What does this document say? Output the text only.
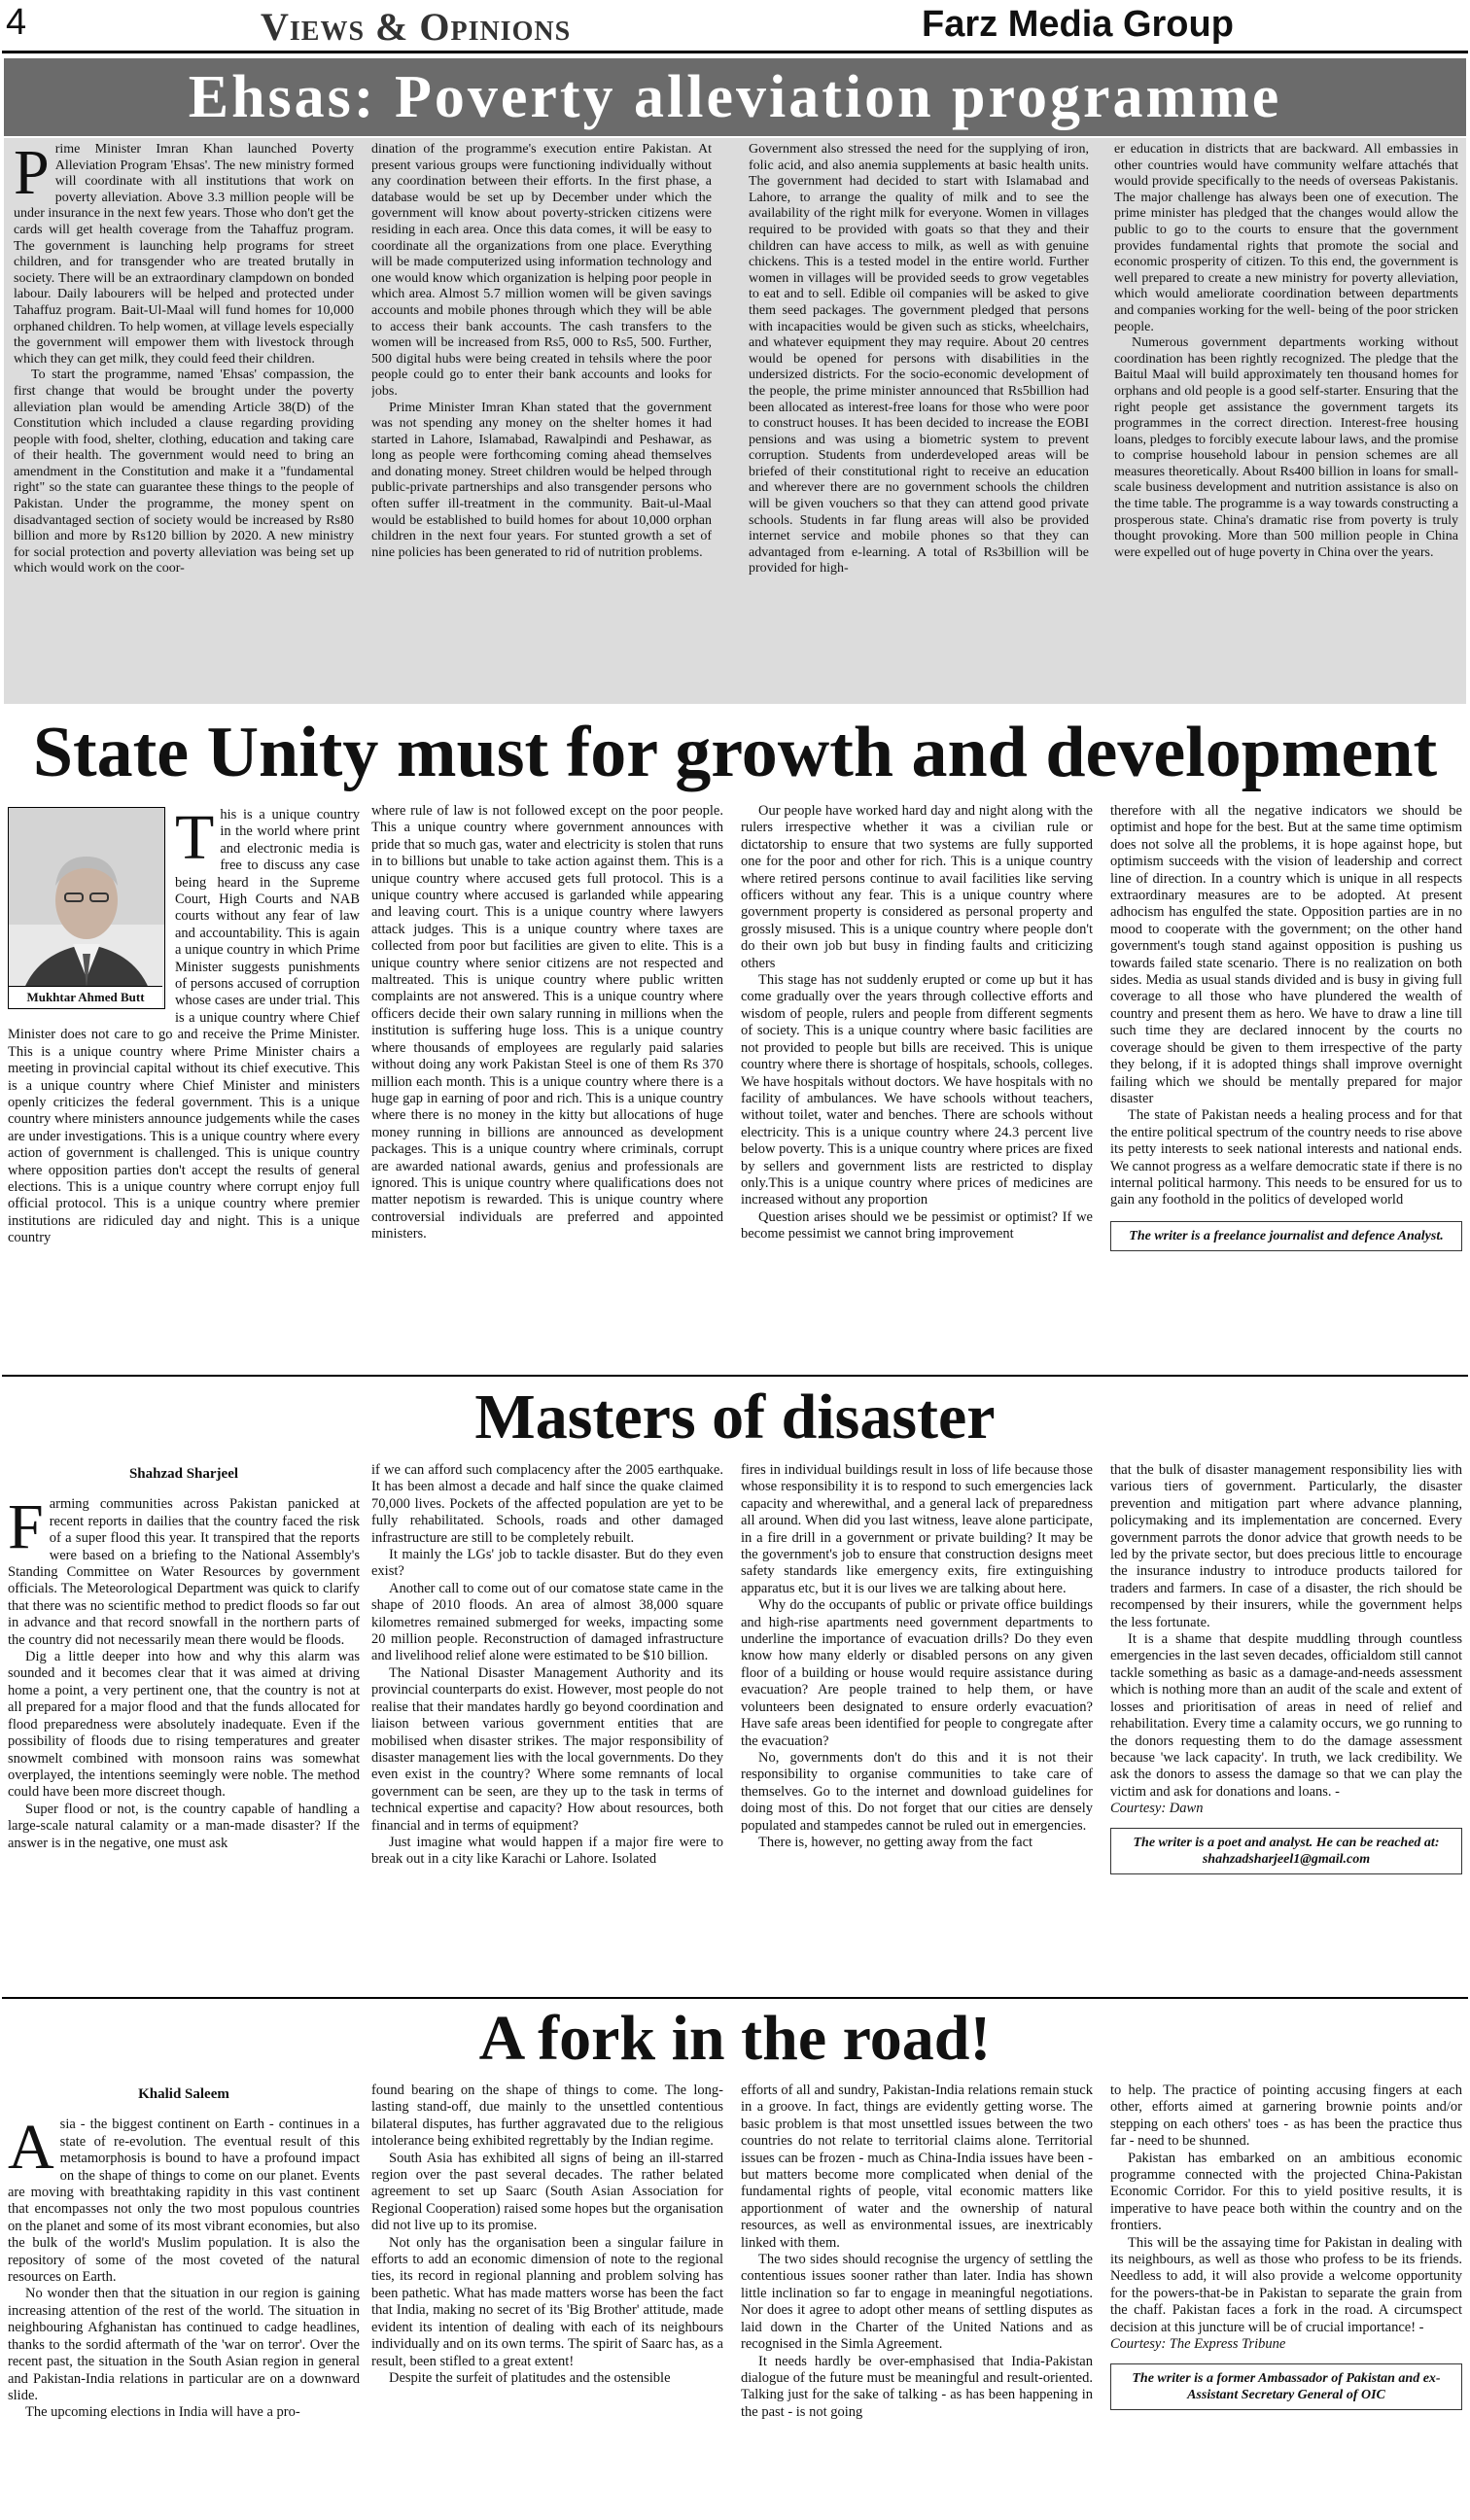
4	Views & Opinions	Farz Media Group
Ehsas: Poverty alleviation programme

Prime Minister Imran Khan launched Poverty Alleviation Program 'Ehsas'. The new ministry formed will coordinate with all institutions that work on poverty alleviation. Above 3.3 million people will be under insurance in the next few years. Those who don't get the cards will get health coverage from the Tahaffuz program. The government is launching help programs for street children, and for transgender who are treated brutally in society. There will be an extraordinary clampdown on bonded labour. Daily labourers will be helped and protected under Tahaffuz program. Bait-Ul-Maal will fund homes for 10,000 orphaned children. To help women, at village levels especially the government will empower them with livestock through which they can get milk, they could feed their children.

To start the programme, named 'Ehsas' compassion, the first change that would be brought under the poverty alleviation plan would be amending Article 38(D) of the Constitution which included a clause regarding providing people with food, shelter, clothing, education and taking care of their health. The government would need to bring an amendment in the Constitution and make it a "fundamental right" so the state can guarantee these things to the people of Pakistan. Under the programme, the money spent on disadvantaged section of society would be increased by Rs80 billion and more by Rs120 billion by 2020. A new ministry for social protection and poverty alleviation was being set up which would work on the coor-

dination of the programme's execution entire Pakistan. At present various groups were functioning individually without any coordination between their efforts. In the first phase, a database would be set up by December under which the government will know about poverty-stricken citizens were residing in each area. Once this data comes, it will be easy to coordinate all the organizations from one place. Everything will be made computerized using information technology and one would know which organization is helping poor people in which area. Almost 5.7 million women will be given savings accounts and mobile phones through which they will be able to access their bank accounts. The cash transfers to the women will be increased from Rs5, 000 to Rs5, 500. Further, 500 digital hubs were being created in tehsils where the poor people could go to enter their bank accounts and looks for jobs.

Prime Minister Imran Khan stated that the government was not spending any money on the shelter homes it had started in Lahore, Islamabad, Rawalpindi and Peshawar, as long as people were forthcoming coming ahead themselves and donating money. Street children would be helped through public-private partnerships and also transgender persons who often suffer ill-treatment in the community. Bait-ul-Maal would be established to build homes for about 10,000 orphan children in the next four years. For stunted growth a set of nine policies has been generated to rid of nutrition problems.

Government also stressed the need for the supplying of iron, folic acid, and also anemia supplements at basic health units. The government had decided to start with Islamabad and Lahore, to arrange the quality of milk and to see the availability of the right milk for everyone. Women in villages required to be provided with goats so that they and their children can have access to milk, as well as with genuine chickens. This is a tested model in the entire world. Further women in villages will be provided seeds to grow vegetables to eat and to sell. Edible oil companies will be asked to give them seed packages. The government pledged that persons with incapacities would be given such as sticks, wheelchairs, and whatever equipment they may require. About 20 centres would be opened for persons with disabilities in the undersized districts. For the socio-economic development of the people, the prime minister announced that Rs5billion had been allocated as interest-free loans for those who were poor to construct houses. It has been decided to increase the EOBI pensions and was using a biometric system to prevent corruption. Students from underdeveloped areas will be briefed of their constitutional right to receive an education and wherever there are no government schools the children will be given vouchers so that they can attend good private schools. Students in far flung areas will also be provided internet service and mobile phones so that they can advantaged from e-learning. A total of Rs3billion will be provided for high-

er education in districts that are backward. All embassies in other countries would have community welfare attachés that would provide specifically to the needs of overseas Pakistanis. The major challenge has always been one of execution. The prime minister has pledged that the changes would allow the public to go to the courts to ensure that the government provides fundamental rights that promote the social and economic prosperity of citizen. To this end, the government is well prepared to create a new ministry for poverty alleviation, which would ameliorate coordination between departments and companies working for the well- being of the poor stricken people.

Numerous government departments working without coordination has been rightly recognized. The pledge that the Baitul Maal will build approximately ten thousand homes for orphans and old people is a good self-starter. Ensuring that the right people get assistance the government targets its programmes in the correct direction. Interest-free housing loans, pledges to forcibly execute labour laws, and the promise to comprise household labour in pension schemes are all measures theoretically. About Rs400 billion in loans for small-scale business development and nutrition assistance is also on the time table. The programme is a way towards constructing a prosperous state. China's dramatic rise from poverty is truly thought provoking. More than 500 million people in China were expelled out of huge poverty in China over the years.

State Unity must for growth and development
Mukhtar Ahmed Butt

This is a unique country in the world where print and electronic media is free to discuss any case being heard in the Supreme Court, High Courts and NAB courts without any fear of law and accountability. This is again a unique country in which Prime Minister suggests punishments of persons accused of corruption whose cases are under trial. This is a unique country where Chief Minister does not care to go and receive the Prime Minister. This is a unique country where Prime Minister chairs a meeting in provincial capital without its chief executive. This is a unique country where Chief Minister and ministers openly criticizes the federal government. This is a unique country where ministers announce judgements while the cases are under investigations. This is a unique country where every action of government is challenged. This is unique country where opposition parties don't accept the results of general elections. This is a unique country where corrupt enjoy full official protocol. This is a unique country where premier institutions are ridiculed day and night. This is a unique country

where rule of law is not followed except on the poor people. This a unique country where government announces with pride that so much gas, water and electricity is stolen that runs in to billions but unable to take action against them. This is a unique country where accused gets full protocol. This is a unique country where accused is garlanded while appearing and leaving court. This is a unique country where lawyers attack judges. This is a unique country where taxes are collected from poor but facilities are given to elite. This is a unique country where senior citizens are not respected and maltreated. This is unique country where public written complaints are not answered. This is a unique country where officers decide their own salary running in millions when the institution is suffering huge loss. This is a unique country where thousands of employees are regularly paid salaries without doing any work Pakistan Steel is one of them Rs 370 million each month. This is a unique country where there is a huge gap in earning of poor and rich. This is a unique country where there is no money in the kitty but allocations of huge money running in billions are announced as development packages. This is a unique country where criminals, corrupt are awarded national awards, genius and professionals are ignored. This is unique country where qualifications does not matter nepotism is rewarded. This is unique country where controversial individuals are preferred and appointed ministers.

Our people have worked hard day and night along with the rulers irrespective whether it was a civilian rule or dictatorship to ensure that two systems are fully supported one for the poor and other for rich. This is a unique country where retired persons continue to avail facilities like serving officers without any fear. This is a unique country where government property is considered as personal property and grossly misused. This is a unique country where people don't do their own job but busy in finding faults and criticizing others

This stage has not suddenly erupted or come up but it has come gradually over the years through collective efforts and wisdom of people, rulers and people from different segments of society. This is a unique country where basic facilities are not provided to people but bills are received. This is unique country where there is shortage of hospitals, schools, colleges. We have hospitals without doctors. We have hospitals with no facility of ambulances. We have schools without teachers, without toilet, water and benches. There are schools without electricity. This is a unique country where 24.3 percent live below poverty. This is a unique country where prices are fixed by sellers and government lists are restricted to display only.This is a unique country where prices of medicines are increased without any proportion

Question arises should we be pessimist or optimist? If we become pessimist we cannot bring improvement

therefore with all the negative indicators we should be optimist and hope for the best. But at the same time optimism does not solve all the problems, it is hope against hope, but optimism succeeds with the vision of leadership and correct line of direction. In a country which is unique in all respects extraordinary measures are to be adopted. At present adhocism has engulfed the state. Opposition parties are in no mood to cooperate with the government; on the other hand government's tough stand against opposition is pushing us towards failed state scenario. There is no realization on both sides. Media as usual stands divided and is busy in giving full coverage to all those who have plundered the wealth of country and present them as hero. We have to draw a line till such time they are declared innocent by the courts no coverage should be given to them irrespective of the party they belong, if it is adopted things shall improve overnight failing which we should be mentally prepared for major disaster

The state of Pakistan needs a healing process and for that the entire political spectrum of the country needs to rise above its petty interests to seek national interests and national ends. We cannot progress as a welfare democratic state if there is no internal political harmony. This needs to be ensured for us to gain any foothold in the politics of developed world

The writer is a freelance journalist and defence Analyst.
Masters of disaster
Shahzad Sharjeel

Farming communities across Pakistan panicked at recent reports in dailies that the country faced the risk of a super flood this year. It transpired that the reports were based on a briefing to the National Assembly's Standing Committee on Water Resources by government officials. The Meteorological Department was quick to clarify that there was no scientific method to predict floods so far out in advance and that record snowfall in the northern parts of the country did not necessarily mean there would be floods.

Dig a little deeper into how and why this alarm was sounded and it becomes clear that it was aimed at driving home a point, a very pertinent one, that the country is not at all prepared for a major flood and that the funds allocated for flood preparedness were absolutely inadequate. Even if the possibility of floods due to rising temperatures and greater snowmelt combined with monsoon rains was somewhat overplayed, the intentions seemingly were noble. The method could have been more discreet though.

Super flood or not, is the country capable of handling a large-scale natural calamity or a man-made disaster? If the answer is in the negative, one must ask

if we can afford such complacency after the 2005 earthquake. It has been almost a decade and half since the quake claimed 70,000 lives. Pockets of the affected population are yet to be fully rehabilitated. Schools, roads and other damaged infrastructure are still to be completely rebuilt.

It mainly the LGs' job to tackle disaster. But do they even exist?

Another call to come out of our comatose state came in the shape of 2010 floods. An area of almost 38,000 square kilometres remained submerged for weeks, impacting some 20 million people. Reconstruction of damaged infrastructure and livelihood relief alone were estimated to be $10 billion.

The National Disaster Management Authority and its provincial counterparts do exist. However, most people do not realise that their mandates hardly go beyond coordination and liaison between various government entities that are mobilised when disaster strikes. The major responsibility of disaster management lies with the local governments. Do they even exist in the country? Where some remnants of local government can be seen, are they up to the task in terms of technical expertise and capacity? How about resources, both financial and in terms of equipment?

Just imagine what would happen if a major fire were to break out in a city like Karachi or Lahore. Isolated

fires in individual buildings result in loss of life because those whose responsibility it is to respond to such emergencies lack capacity and wherewithal, and a general lack of preparedness all around. When did you last witness, leave alone participate, in a fire drill in a government or private building? It may be the government's job to ensure that construction designs meet safety standards like emergency exits, fire extinguishing apparatus etc, but it is our lives we are talking about here.

Why do the occupants of public or private office buildings and high-rise apartments need government departments to underline the importance of evacuation drills? Do they even know how many elderly or disabled persons on any given floor of a building or house would require assistance during evacuation? Are people trained to help them, or have volunteers been designated to ensure orderly evacuation? Have safe areas been identified for people to congregate after the evacuation?

No, governments don't do this and it is not their responsibility to organise communities to take care of themselves. Go to the internet and download guidelines for doing most of this. Do not forget that our cities are densely populated and stampedes cannot be ruled out in emergencies.

There is, however, no getting away from the fact

that the bulk of disaster management responsibility lies with various tiers of government. Particularly, the disaster prevention and mitigation part where advance planning, policymaking and its implementation are concerned. Every government parrots the donor advice that growth needs to be led by the private sector, but does precious little to encourage the insurance industry to introduce products tailored for traders and farmers. In case of a disaster, the rich should be recompensed by their insurers, while the government helps the less fortunate.

It is a shame that despite muddling through countless emergencies in the last seven decades, officialdom still cannot tackle something as basic as a damage-and-needs assessment which is nothing more than an audit of the scale and extent of losses and prioritisation of areas in need of relief and rehabilitation. Every time a calamity occurs, we go running to the donors requesting them to do the damage assessment because 'we lack capacity'. In truth, we lack credibility. We ask the donors to assess the damage so that we can play the victim and ask for donations and loans. -

Courtesy: Dawn

The writer is a poet and analyst. He can be reached at: shahzadsharjeel1@gmail.com
A fork in the road!
Khalid Saleem

Asia - the biggest continent on Earth - continues in a state of re-evolution. The eventual result of this metamorphosis is bound to have a profound impact on the shape of things to come on our planet. Events are moving with breathtaking rapidity in this vast continent that encompasses not only the two most populous countries on the planet and some of its most vibrant economies, but also the bulk of the world's Muslim population. It is also the repository of some of the most coveted of the natural resources on Earth.

No wonder then that the situation in our region is gaining increasing attention of the rest of the world. The situation in neighbouring Afghanistan has continued to cadge headlines, thanks to the sordid aftermath of the 'war on terror'. Over the recent past, the situation in the South Asian region in general and Pakistan-India relations in particular are on a downward slide.

The upcoming elections in India will have a pro-

found bearing on the shape of things to come. The long-lasting stand-off, due mainly to the unsettled contentious bilateral disputes, has further aggravated due to the religious intolerance being exhibited regrettably by the Indian regime.

South Asia has exhibited all signs of being an ill-starred region over the past several decades. The rather belated agreement to set up Saarc (South Asian Association for Regional Cooperation) raised some hopes but the organisation did not live up to its promise.

Not only has the organisation been a singular failure in efforts to add an economic dimension of note to the regional ties, its record in regional planning and problem solving has been pathetic. What has made matters worse has been the fact that India, making no secret of its 'Big Brother' attitude, made evident its intention of dealing with each of its neighbours individually and on its own terms. The spirit of Saarc has, as a result, been stifled to a great extent!

Despite the surfeit of platitudes and the ostensible

efforts of all and sundry, Pakistan-India relations remain stuck in a groove. In fact, things are evidently getting worse. The basic problem is that most unsettled issues between the two countries do not relate to territorial claims alone. Territorial issues can be frozen - much as China-India issues have been - but matters become more complicated when denial of the fundamental rights of people, vital economic matters like apportionment of water and the ownership of natural resources, as well as environmental issues, are inextricably linked with them.

The two sides should recognise the urgency of settling the contentious issues sooner rather than later. India has shown little inclination so far to engage in meaningful negotiations. Nor does it agree to adopt other means of settling disputes as laid down in the Charter of the United Nations and as recognised in the Simla Agreement.

It needs hardly be over-emphasised that India-Pakistan dialogue of the future must be meaningful and result-oriented. Talking just for the sake of talking - as has been happening in the past - is not going

to help. The practice of pointing accusing fingers at each other, efforts aimed at garnering brownie points and/or stepping on each others' toes - as has been the practice thus far - need to be shunned.

Pakistan has embarked on an ambitious economic programme connected with the projected China-Pakistan Economic Corridor. For this to yield positive results, it is imperative to have peace both within the country and on the frontiers.

This will be the assaying time for Pakistan in dealing with its neighbours, as well as those who profess to be its friends. Needless to add, it will also provide a welcome opportunity for the powers-that-be in Pakistan to separate the grain from the chaff. Pakistan faces a fork in the road. A circumspect decision at this juncture will be of crucial importance! -

Courtesy: The Express Tribune

The writer is a former Ambassador of Pakistan and ex-Assistant Secretary General of OIC
